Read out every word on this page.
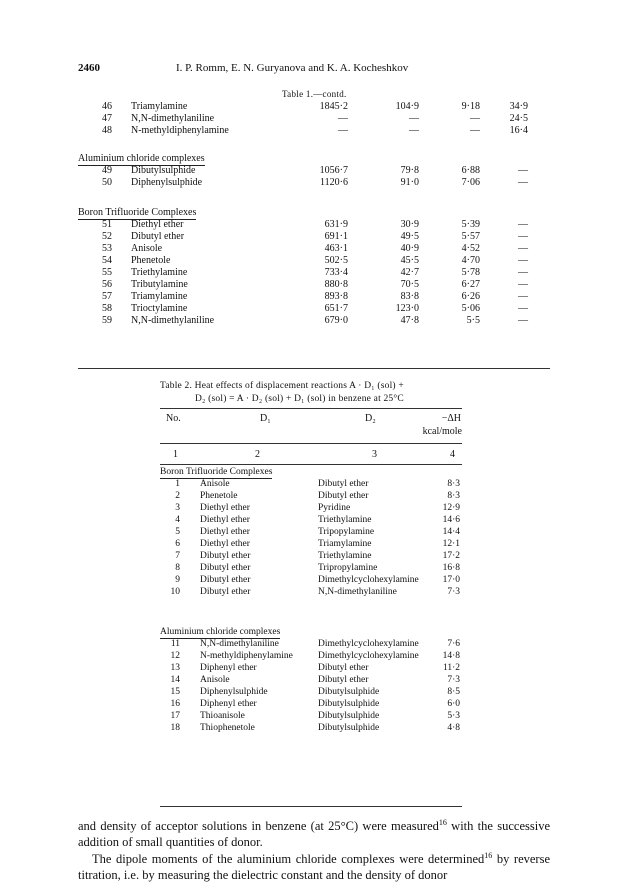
2460	I. P. Romm, E. N. Guryanova and K. A. Kocheshkov
Table 1.—contd.
46 Triamylamine	1845·2	104·9	9·18	34·9
47 N,N-dimethylaniline	—	—	—	24·5
48 N-methyldiphenylamine	—	—	—	16·4
Aluminium chloride complexes
49 Dibutylsulphide	1056·7	79·8	6·88	—
50 Diphenylsulphide	1120·6	91·0	7·06	—
Boron Trifluoride Complexes
51 Diethyl ether	631·9	30·9	5·39	—
52 Dibutyl ether	691·1	49·5	5·57	—
53 Anisole	463·1	40·9	4·52	—
54 Phenetole	502·5	45·5	4·70	—
55 Triethylamine	733·4	42·7	5·78	—
56 Tributylamine	880·8	70·5	6·27	—
57 Triamylamine	893·8	83·8	6·26	—
58 Trioctylamine	651·7	123·0	5·06	—
59 N,N-dimethylaniline	679·0	47·8	5·5	—
Table 2. Heat effects of displacement reactions A · D₁ (sol) +
D₂ (sol) = A · D₂ (sol) + D₁ (sol) in benzene at 25°C
No.	D₁	D₂	−ΔH
kcal/mole
1	2	3	4
Boron Trifluoride Complexes
1 Anisole	Dibutyl ether	8·3
2 Phenetole	Dibutyl ether	8·3
3 Diethyl ether	Pyridine	12·9
4 Diethyl ether	Triethylamine	14·6
5 Diethyl ether	Tripopylamine	14·4
6 Diethyl ether	Triamylamine	12·1
7 Dibutyl ether	Triethylamine	17·2
8 Dibutyl ether	Tripropylamine	16·8
9 Dibutyl ether	Dimethylcyclohexylamine	17·0
10 Dibutyl ether	N,N-dimethylaniline	7·3
Aluminium chloride complexes
11 N,N-dimethylaniline	Dimethylcyclohexylamine	7·6
12 N-methyldiphenylamine	Dimethylcyclohexylamine	14·8
13 Diphenyl ether	Dibutyl ether	11·2
14 Anisole	Dibutyl ether	7·3
15 Diphenylsulphide	Dibutylsulphide	8·5
16 Diphenyl ether	Dibutylsulphide	6·0
17 Thioanisole	Dibutylsulphide	5·3
18 Thiophenetole	Dibutylsulphide	4·8
and density of acceptor solutions in benzene (at 25°C) were measured$^{16}$ with the successive addition of small quantities of donor.
The dipole moments of the aluminium chloride complexes were determined$^{16}$ by reverse titration, i.e. by measuring the dielectric constant and the density of donor
